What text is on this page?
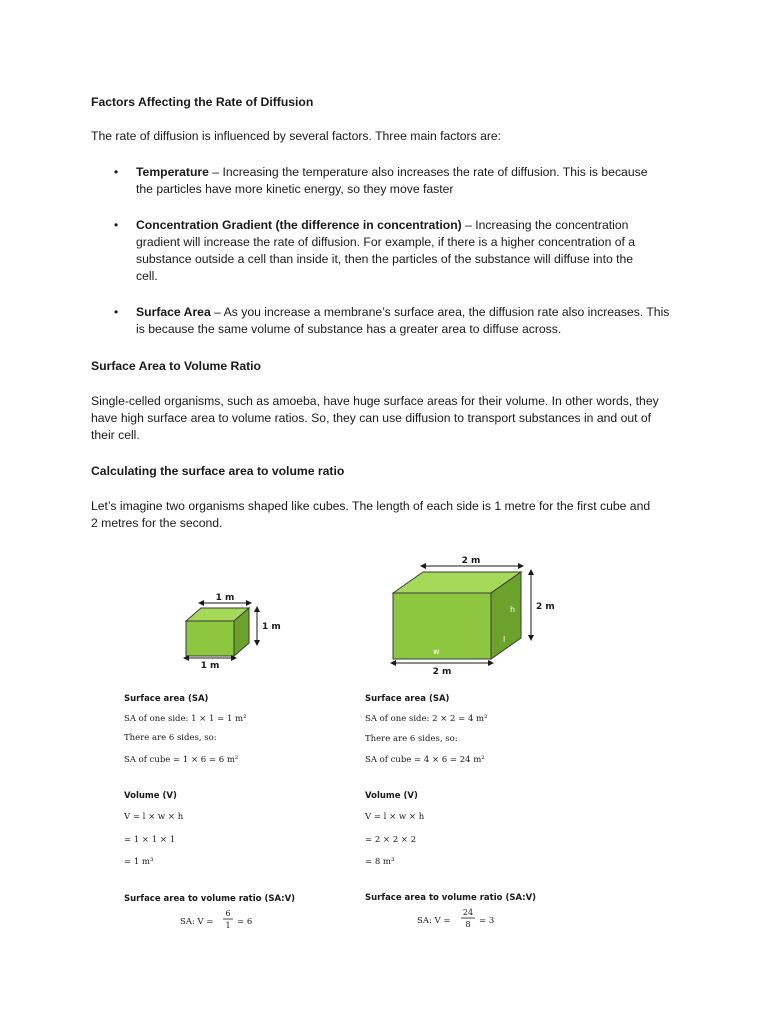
Factors Affecting the Rate of Diffusion
The rate of diffusion is influenced by several factors. Three main factors are:
• Temperature – Increasing the temperature also increases the rate of diffusion. This is because
the particles have more kinetic energy, so they move faster
• Concentration Gradient (the difference in concentration) – Increasing the concentration
gradient will increase the rate of diffusion. For example, if there is a higher concentration of a
substance outside a cell than inside it, then the particles of the substance will diffuse into the
cell.
• Surface Area – As you increase a membrane’s surface area, the diffusion rate also increases. This
is because the same volume of substance has a greater area to diffuse across.
Surface Area to Volume Ratio
Single-celled organisms, such as amoeba, have huge surface areas for their volume. In other words, they
have high surface area to volume ratios. So, they can use diffusion to transport substances in and out of
their cell.
Calculating the surface area to volume ratio
Let’s imagine two organisms shaped like cubes. The length of each side is 1 metre for the first cube and
2 metres for the second.
1 m
1 m
1 m
h
l
w
2 m
2 m
2 m
Surface area (SA)
SA of one side: 1 × 1 = 1 m²
There are 6 sides, so:
SA of cube = 1 × 6 = 6 m²
Volume (V)
V = l × w × h
= 1 × 1 × 1
= 1 m³
Surface area to volume ratio (SA:V)
SA: V =
6
1 = 6
Surface area (SA)
SA of one side: 2 × 2 = 4 m²
There are 6 sides, so:
SA of cube = 4 × 6 = 24 m²
Volume (V)
V = l × w × h
= 2 × 2 × 2
= 8 m³
Surface area to volume ratio (SA:V)
SA: V =
24
8 = 3
